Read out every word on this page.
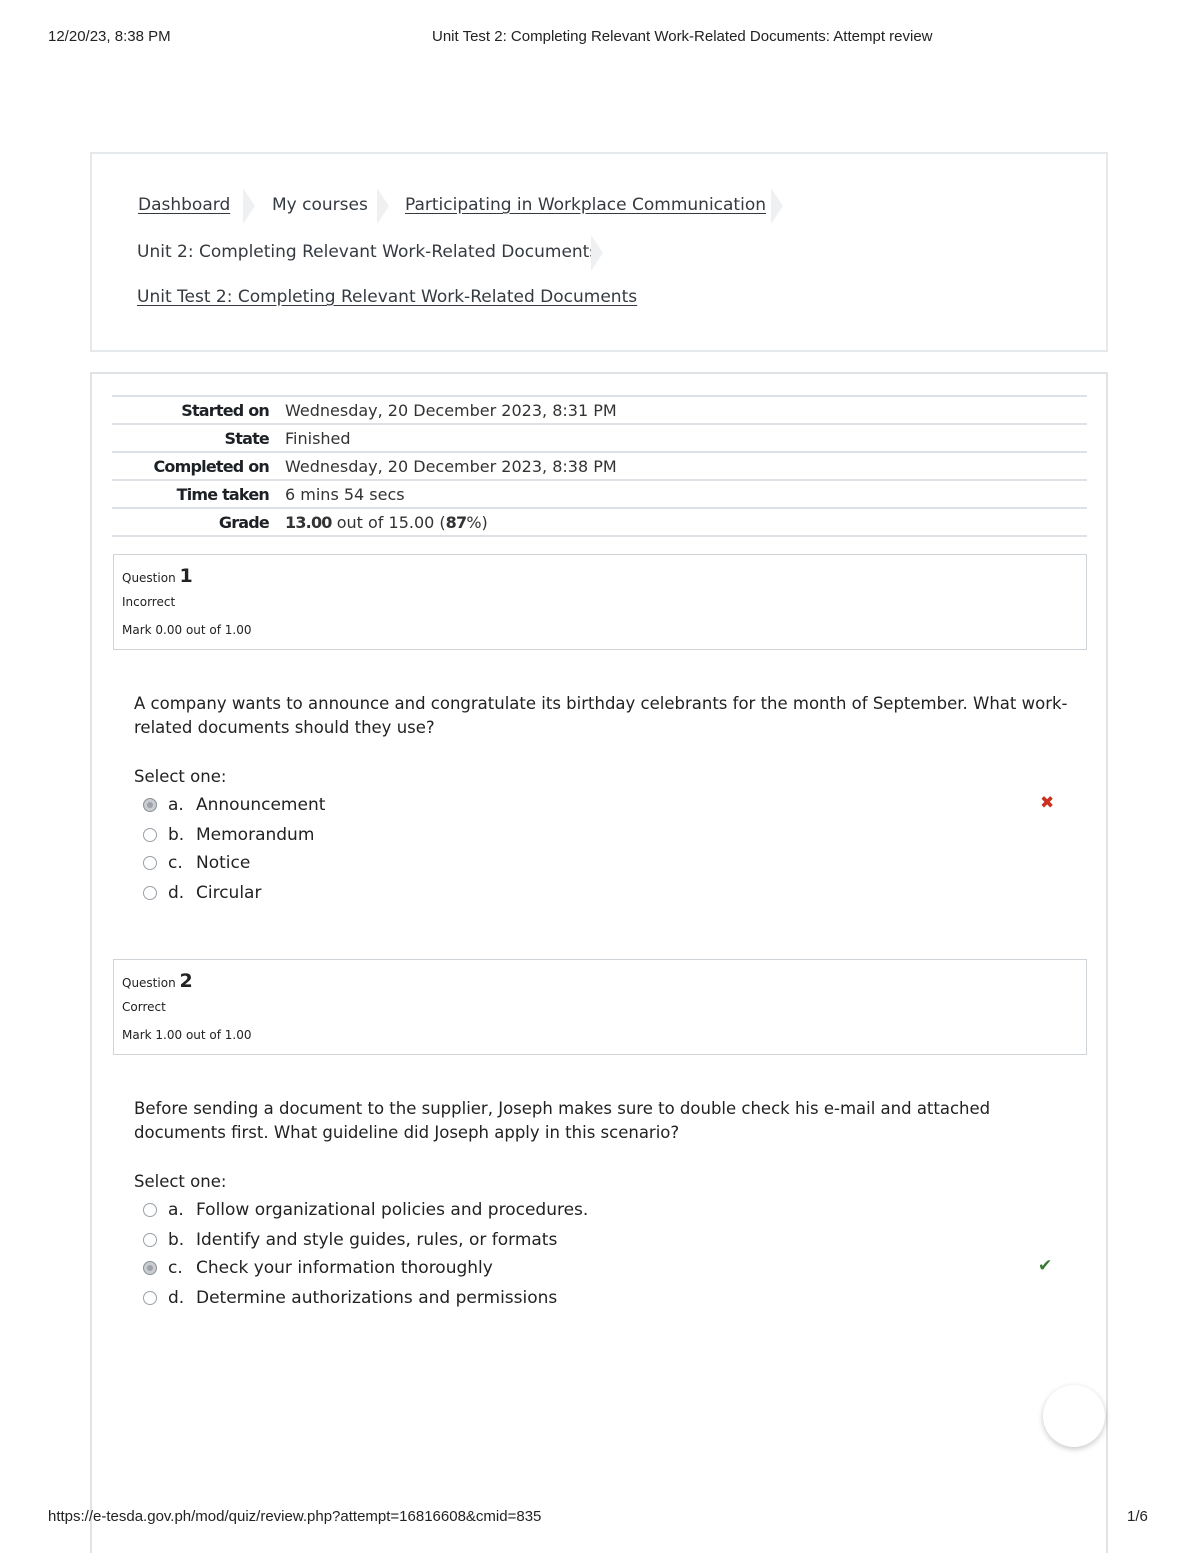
12/20/23, 8:38 PM	Unit Test 2: Completing Relevant Work-Related Documents: Attempt review
Dashboard My courses Participating in Workplace Communication
Unit 2: Completing Relevant Work-Related Documents
Unit Test 2: Completing Relevant Work-Related Documents
Started on	Wednesday, 20 December 2023, 8:31 PM
State	Finished
Completed on	Wednesday, 20 December 2023, 8:38 PM
Time taken	6 mins 54 secs
Grade	13.00 out of 15.00 (87%)
Question 1
Incorrect
Mark 0.00 out of 1.00
A company wants to announce and congratulate its birthday celebrants for the month of September. What work-related documents should they use?
Select one:
a. Announcement
b. Memorandum
c. Notice
d. Circular
✖
Question 2
Correct
Mark 1.00 out of 1.00
Before sending a document to the supplier, Joseph makes sure to double check his e-mail and attached documents first. What guideline did Joseph apply in this scenario?
Select one:
a. Follow organizational policies and procedures.
b. Identify and style guides, rules, or formats
c. Check your information thoroughly
d. Determine authorizations and permissions
✔
https://e-tesda.gov.ph/mod/quiz/review.php?attempt=16816608&cmid=835	1/6
